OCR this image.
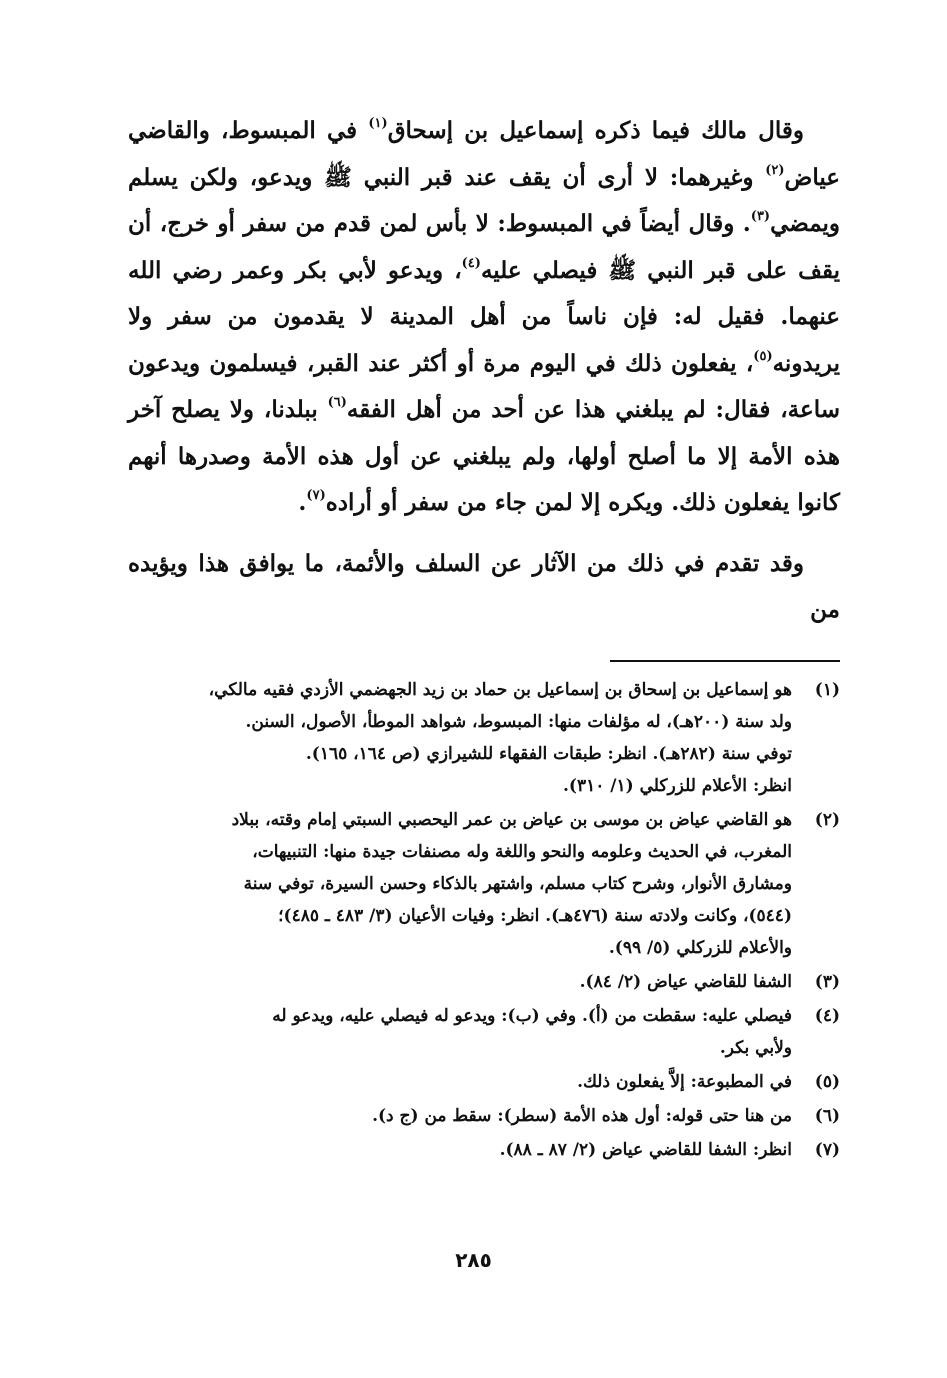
وقال مالك فيما ذكره إسماعيل بن إسحاق$^{(١)}$ في المبسوط، والقاضي عياض$^{(٢)}$ وغيرهما: لا أرى أن يقف عند قبر النبي ﷺ ويدعو، ولكن يسلم ويمضي$^{(٣)}$. وقال أيضاً في المبسوط: لا بأس لمن قدم من سفر أو خرج، أن يقف على قبر النبي ﷺ فيصلي عليه$^{(٤)}$، ويدعو لأبي بكر وعمر رضي الله عنهما. فقيل له: فإن ناساً من أهل المدينة لا يقدمون من سفر ولا يريدونه$^{(٥)}$، يفعلون ذلك في اليوم مرة أو أكثر عند القبر، فيسلمون ويدعون ساعة، فقال: لم يبلغني هذا عن أحد من أهل الفقه$^{(٦)}$ ببلدنا، ولا يصلح آخر هذه الأمة إلا ما أصلح أولها، ولم يبلغني عن أول هذه الأمة وصدرها أنهم كانوا يفعلون ذلك. ويكره إلا لمن جاء من سفر أو أراده$^{(٧)}$.

وقد تقدم في ذلك من الآثار عن السلف والأئمة، ما يوافق هذا ويؤيده من

(١)
هو إسماعيل بن إسحاق بن إسماعيل بن حماد بن زيد الجهضمي الأزدي فقيه مالكي،
ولد سنة (٢٠٠هـ)، له مؤلفات منها: المبسوط، شواهد الموطأ، الأصول، السنن.
توفي سنة (٢٨٢هـ). انظر: طبقات الفقهاء للشيرازي (ص ١٦٤، ١٦٥).
انظر: الأعلام للزركلي (١/ ٣١٠).
(٢)
هو القاضي عياض بن موسى بن عياض بن عمر اليحصبي السبتي إمام وقته، ببلاد
المغرب، في الحديث وعلومه والنحو واللغة وله مصنفات جيدة منها: التنبيهات،
ومشارق الأنوار، وشرح كتاب مسلم، واشتهر بالذكاء وحسن السيرة، توفي سنة
(٥٤٤)، وكانت ولادته سنة (٤٧٦هـ). انظر: وفيات الأعيان (٣/ ٤٨٣ ـ ٤٨٥)؛
والأعلام للزركلي (٥/ ٩٩).
(٣)
الشفا للقاضي عياض (٢/ ٨٤).
(٤)
فيصلي عليه: سقطت من (أ). وفي (ب): ويدعو له فيصلي عليه، ويدعو له
ولأبي بكر.
(٥)
في المطبوعة: إلاَّ يفعلون ذلك.
(٦)
من هنا حتى قوله: أول هذه الأمة (سطر): سقط من (ج د).
(٧)
انظر: الشفا للقاضي عياض (٢/ ٨٧ ـ ٨٨).
٢٨٥
